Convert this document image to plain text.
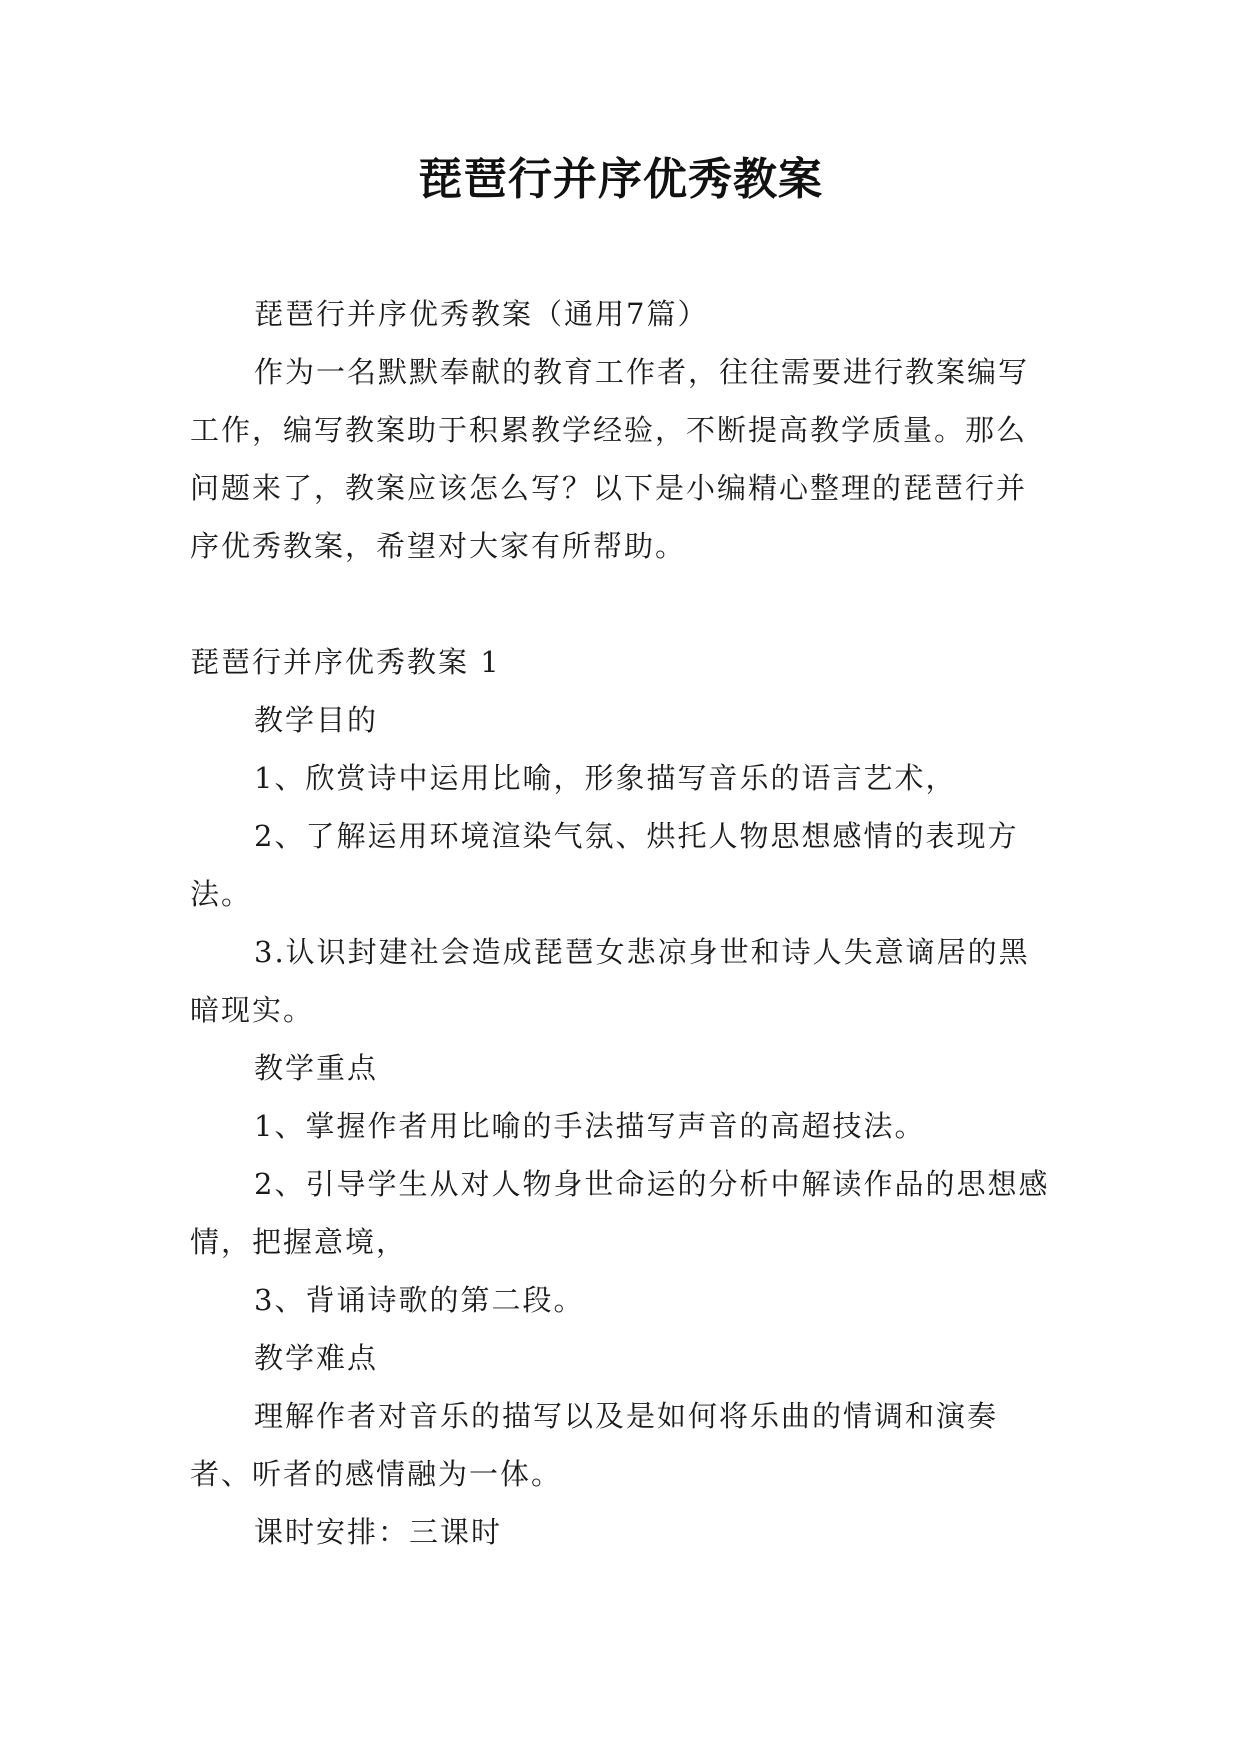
琵琶行并序优秀教案

琵琶行并序优秀教案（通用7篇）

作为一名默默奉献的教育工作者，往往需要进行教案编写工作，编写教案助于积累教学经验，不断提高教学质量。那么问题来了，教案应该怎么写？以下是小编精心整理的琵琶行并序优秀教案，希望对大家有所帮助。

琵琶行并序优秀教案 1

教学目的

1、欣赏诗中运用比喻，形象描写音乐的语言艺术，

2、了解运用环境渲染气氛、烘托人物思想感情的表现方法。

3.认识封建社会造成琵琶女悲凉身世和诗人失意谪居的黑暗现实。

教学重点

1、掌握作者用比喻的手法描写声音的高超技法。

2、引导学生从对人物身世命运的分析中解读作品的思想感情，把握意境，

3、背诵诗歌的第二段。

教学难点

理解作者对音乐的描写以及是如何将乐曲的情调和演奏者、听者的感情融为一体。

课时安排：三课时
